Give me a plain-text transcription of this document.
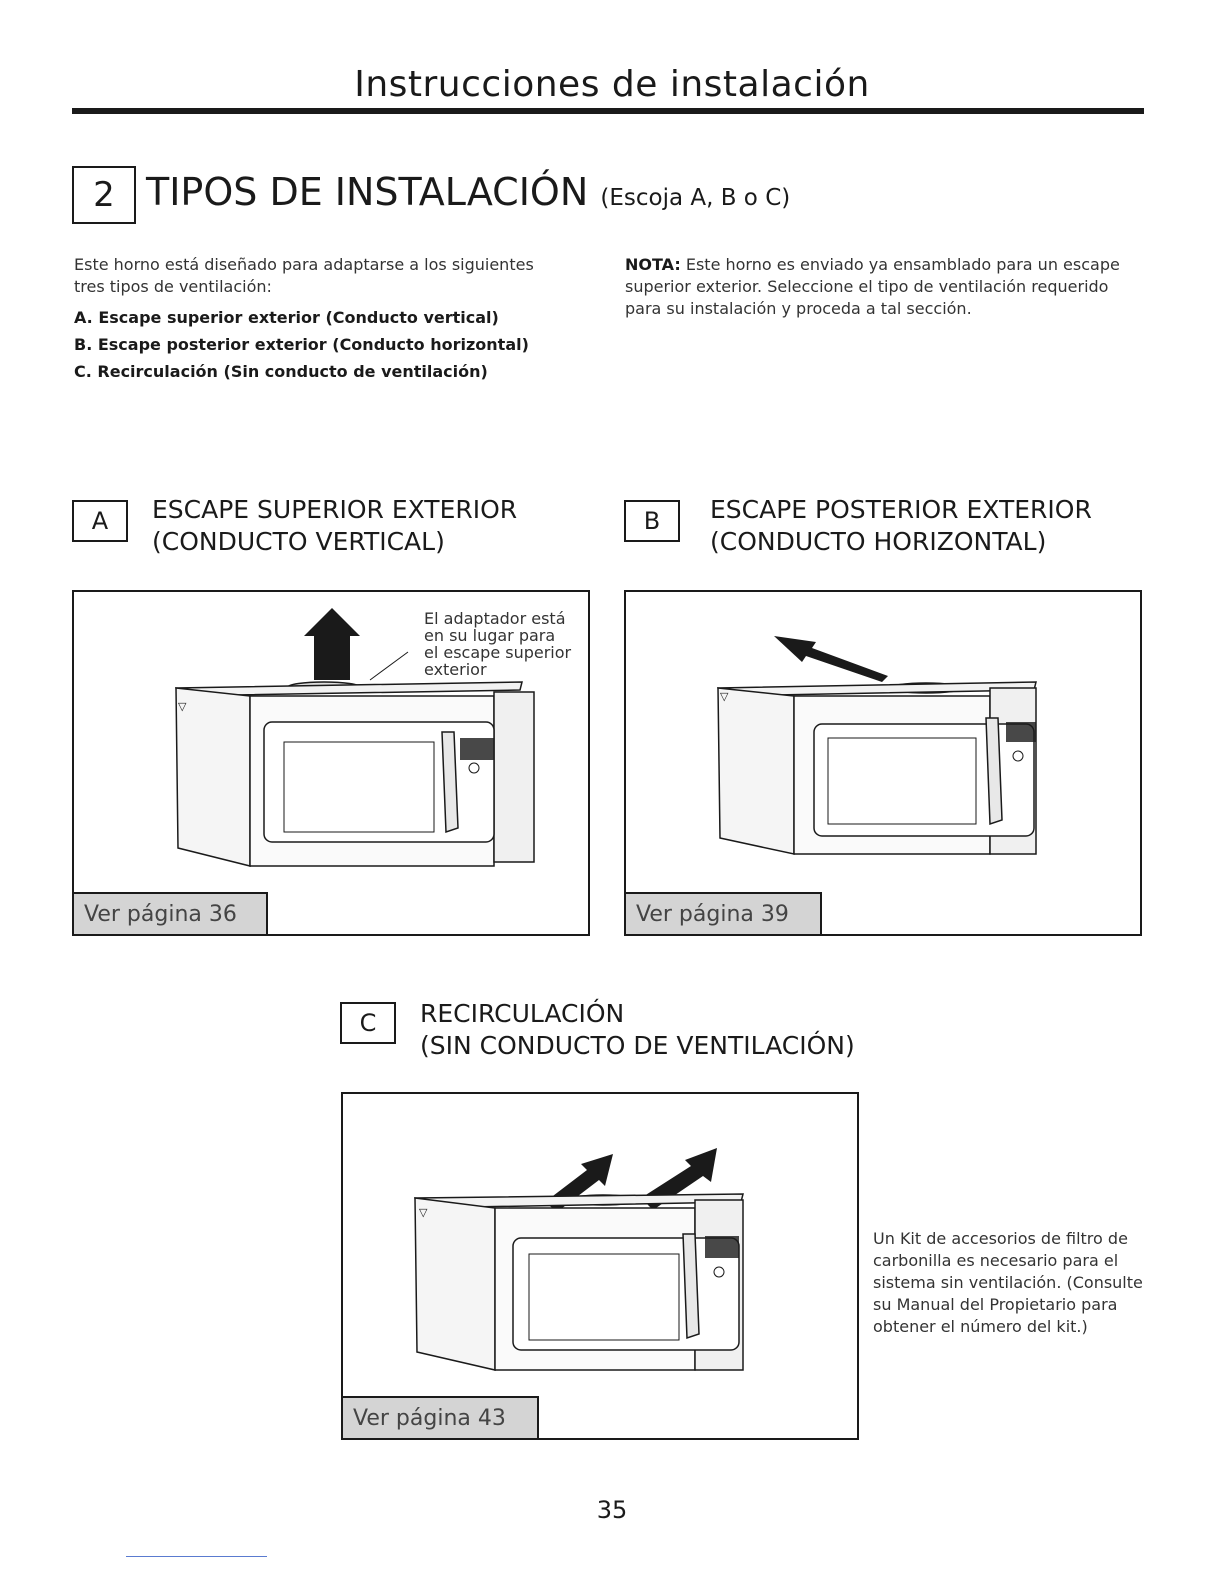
Instrucciones de instalación
2 TIPOS DE INSTALACIÓN (Escoja A, B o C)
Este horno está diseñado para adaptarse a los siguientes tres tipos de ventilación:
A. Escape superior exterior (Conducto vertical)
B. Escape posterior exterior (Conducto horizontal)
C. Recirculación (Sin conducto de ventilación)
NOTA: Este horno es enviado ya ensamblado para un escape superior exterior. Seleccione el tipo de ventilación requerido para su instalación y proceda a tal sección.
A	ESCAPE SUPERIOR EXTERIOR
(CONDUCTO VERTICAL)
B	ESCAPE POSTERIOR EXTERIOR
(CONDUCTO HORIZONTAL)
▽
El adaptador está
en su lugar para
el escape superior
exterior
Ver página 36
▽
Ver página 39
C	RECIRCULACIÓN
(SIN CONDUCTO DE VENTILACIÓN)
▽
Ver página 43
Un Kit de accesorios de filtro de carbonilla es necesario para el sistema sin ventilación. (Consulte su Manual del Propietario para obtener el número del kit.)
35
